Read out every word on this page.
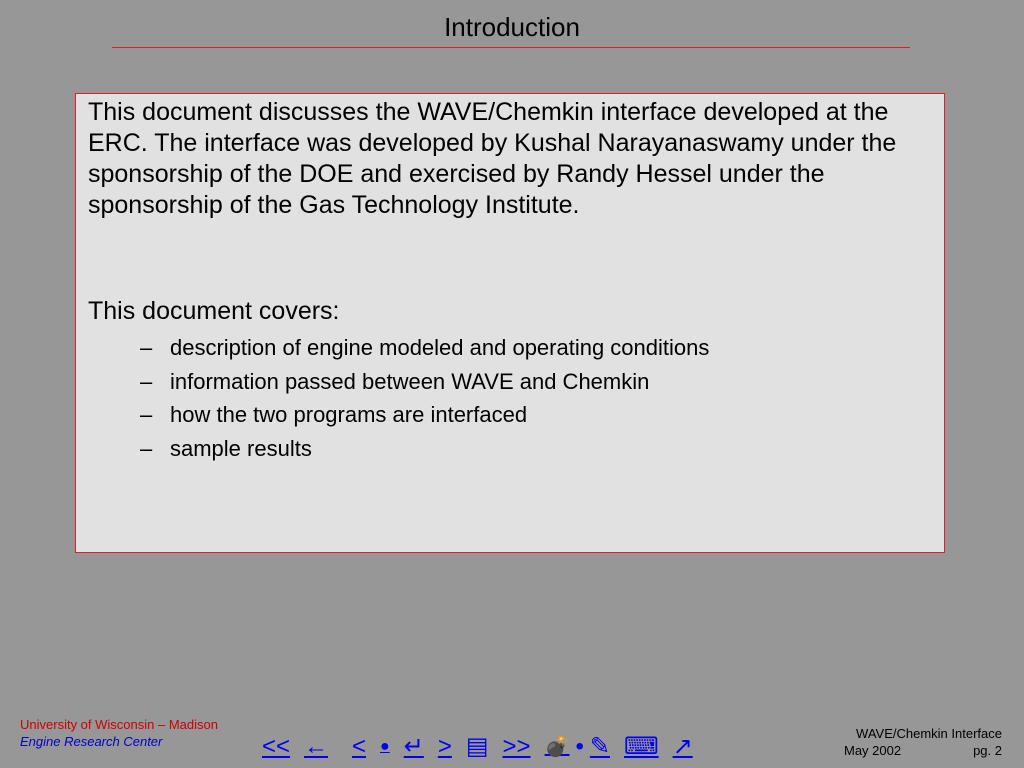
Introduction

This document discusses the WAVE/Chemkin interface developed at the ERC. The interface was developed by Kushal Narayanaswamy under the sponsorship of the DOE and exercised by Randy Hessel under the sponsorship of the Gas Technology Institute.

This document covers:

– description of engine modeled and operating conditions
– information passed between WAVE and Chemkin
– how the two programs are interfaced
– sample results
University of Wisconsin – Madison
Engine Research Center	<< ← < ● ↵ > ▤ >> 💣 • ✎ ⌨ ↗	WAVE/Chemkin Interface
May 2002	pg. 2
